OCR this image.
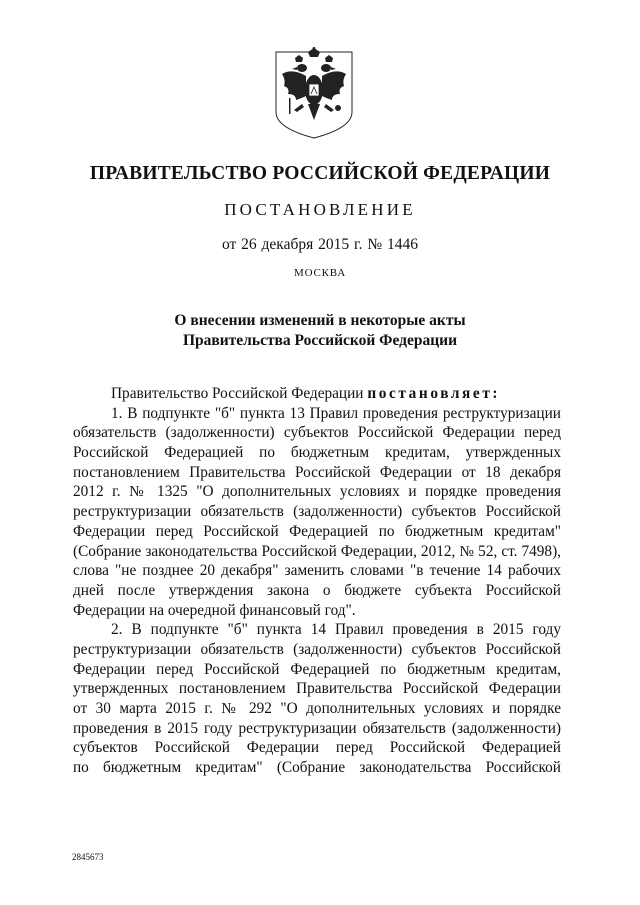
ПРАВИТЕЛЬСТВО РОССИЙСКОЙ ФЕДЕРАЦИИ
ПОСТАНОВЛЕНИЕ
от 26 декабря 2015 г. № 1446
МОСКВА
О внесении изменений в некоторые акты
Правительства Российской Федерации
Правительство Российской Федерации постановляет:
1. В подпункте "б" пункта 13 Правил проведения реструктуризации
обязательств (задолженности) субъектов Российской Федерации перед
Российской Федерацией по бюджетным кредитам, утвержденных
постановлением Правительства Российской Федерации от 18 декабря
2012 г. № 1325 "О дополнительных условиях и порядке проведения
реструктуризации обязательств (задолженности) субъектов Российской
Федерации перед Российской Федерацией по бюджетным кредитам"
(Собрание законодательства Российской Федерации, 2012, № 52, ст. 7498),
слова "не позднее 20 декабря" заменить словами "в течение 14 рабочих
дней после утверждения закона о бюджете субъекта Российской
Федерации на очередной финансовый год".
2. В подпункте "б" пункта 14 Правил проведения в 2015 году
реструктуризации обязательств (задолженности) субъектов Российской
Федерации перед Российской Федерацией по бюджетным кредитам,
утвержденных постановлением Правительства Российской Федерации
от 30 марта 2015 г. № 292 "О дополнительных условиях и порядке
проведения в 2015 году реструктуризации обязательств (задолженности)
субъектов Российской Федерации перед Российской Федерацией
по бюджетным кредитам" (Собрание законодательства Российской
2845673
